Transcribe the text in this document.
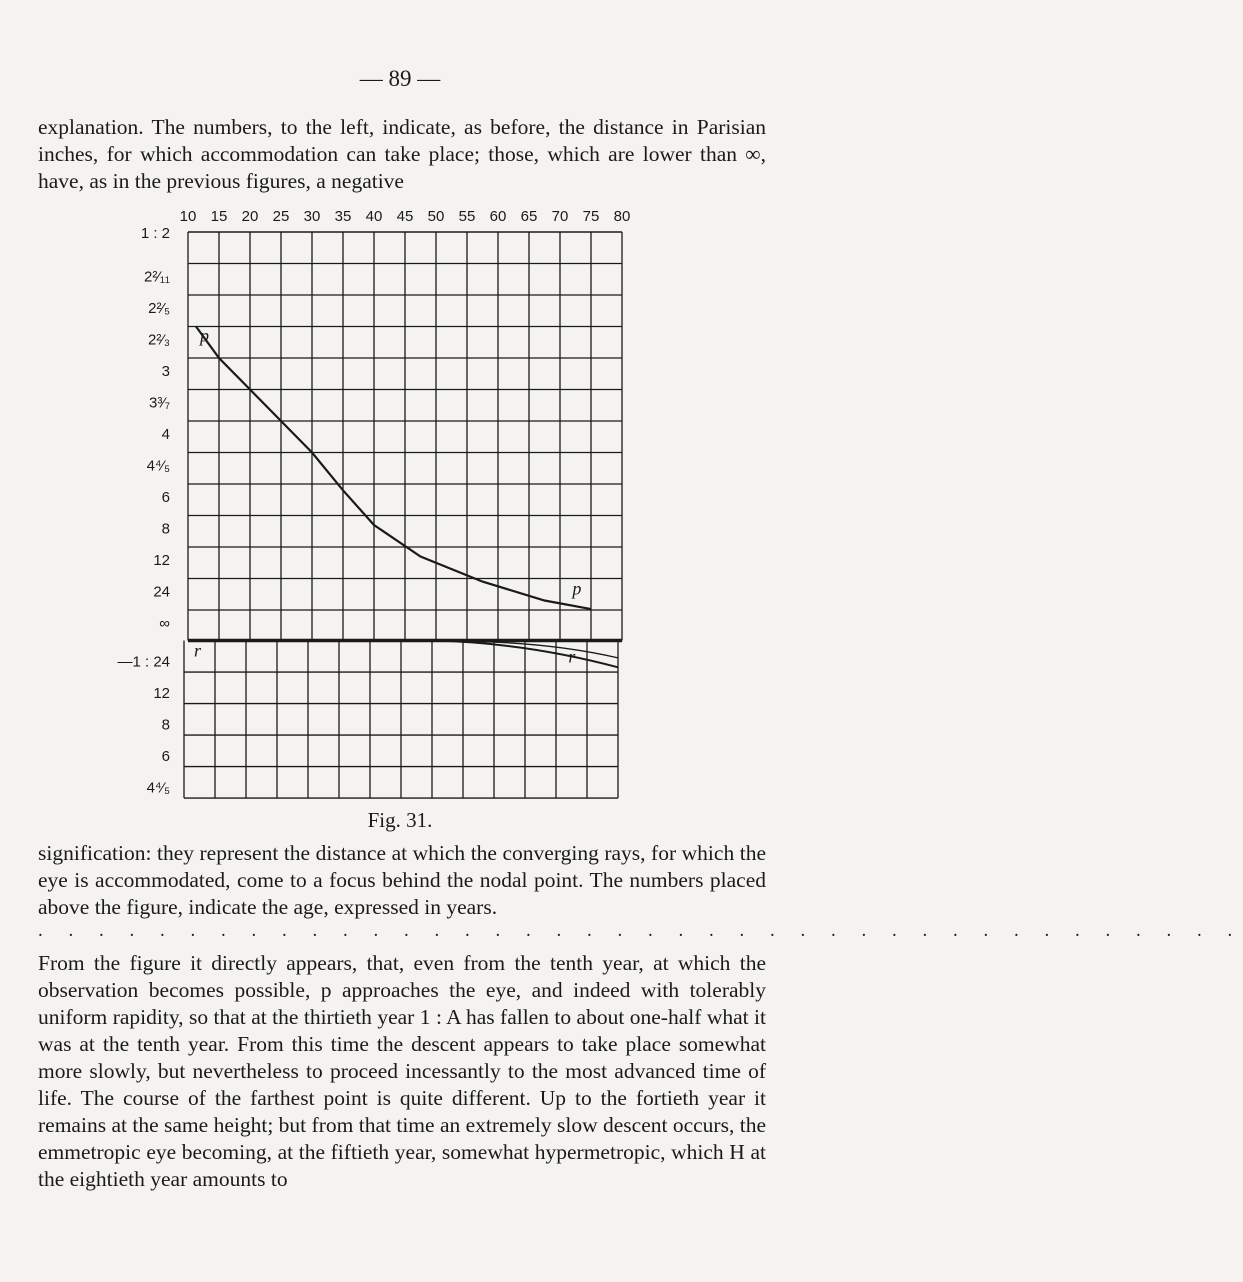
— 89 —

explanation. The numbers, to the left, indicate, as before, the distance in Parisian inches, for which accommodation can take place; those, which are lower than ∞, have, as in the previous figures, a negative

10 15 20 25 30 35 40 45 50 55 60 65 70 75 80
1 : 2
2²⁄₁₁
2²⁄₅
2²⁄₃
3
3³⁄₇
4
4⁴⁄₅
6
8
12
24
∞
—1 : 24
12
8
6
4⁴⁄₅
p
p
r	r
Fig. 31.

signification: they represent the distance at which the converging rays, for which the eye is accommodated, come to a focus behind the nodal point. The numbers placed above the figure, indicate the age, expressed in years.

. . . . . . . . . . . . . . . . . . . . . . . . . . . . . . . . . . . . . . . .

From the figure it directly appears, that, even from the tenth year, at which the observation becomes possible, p approaches the eye, and indeed with tolerably uniform rapidity, so that at the thirtieth year 1 : A has fallen to about one-half what it was at the tenth year. From this time the descent appears to take place somewhat more slowly, but nevertheless to proceed incessantly to the most advanced time of life. The course of the farthest point is quite different. Up to the fortieth year it remains at the same height; but from that time an extremely slow descent occurs, the emmetropic eye becoming, at the fiftieth year, somewhat hypermetropic, which H at the eightieth year amounts to
